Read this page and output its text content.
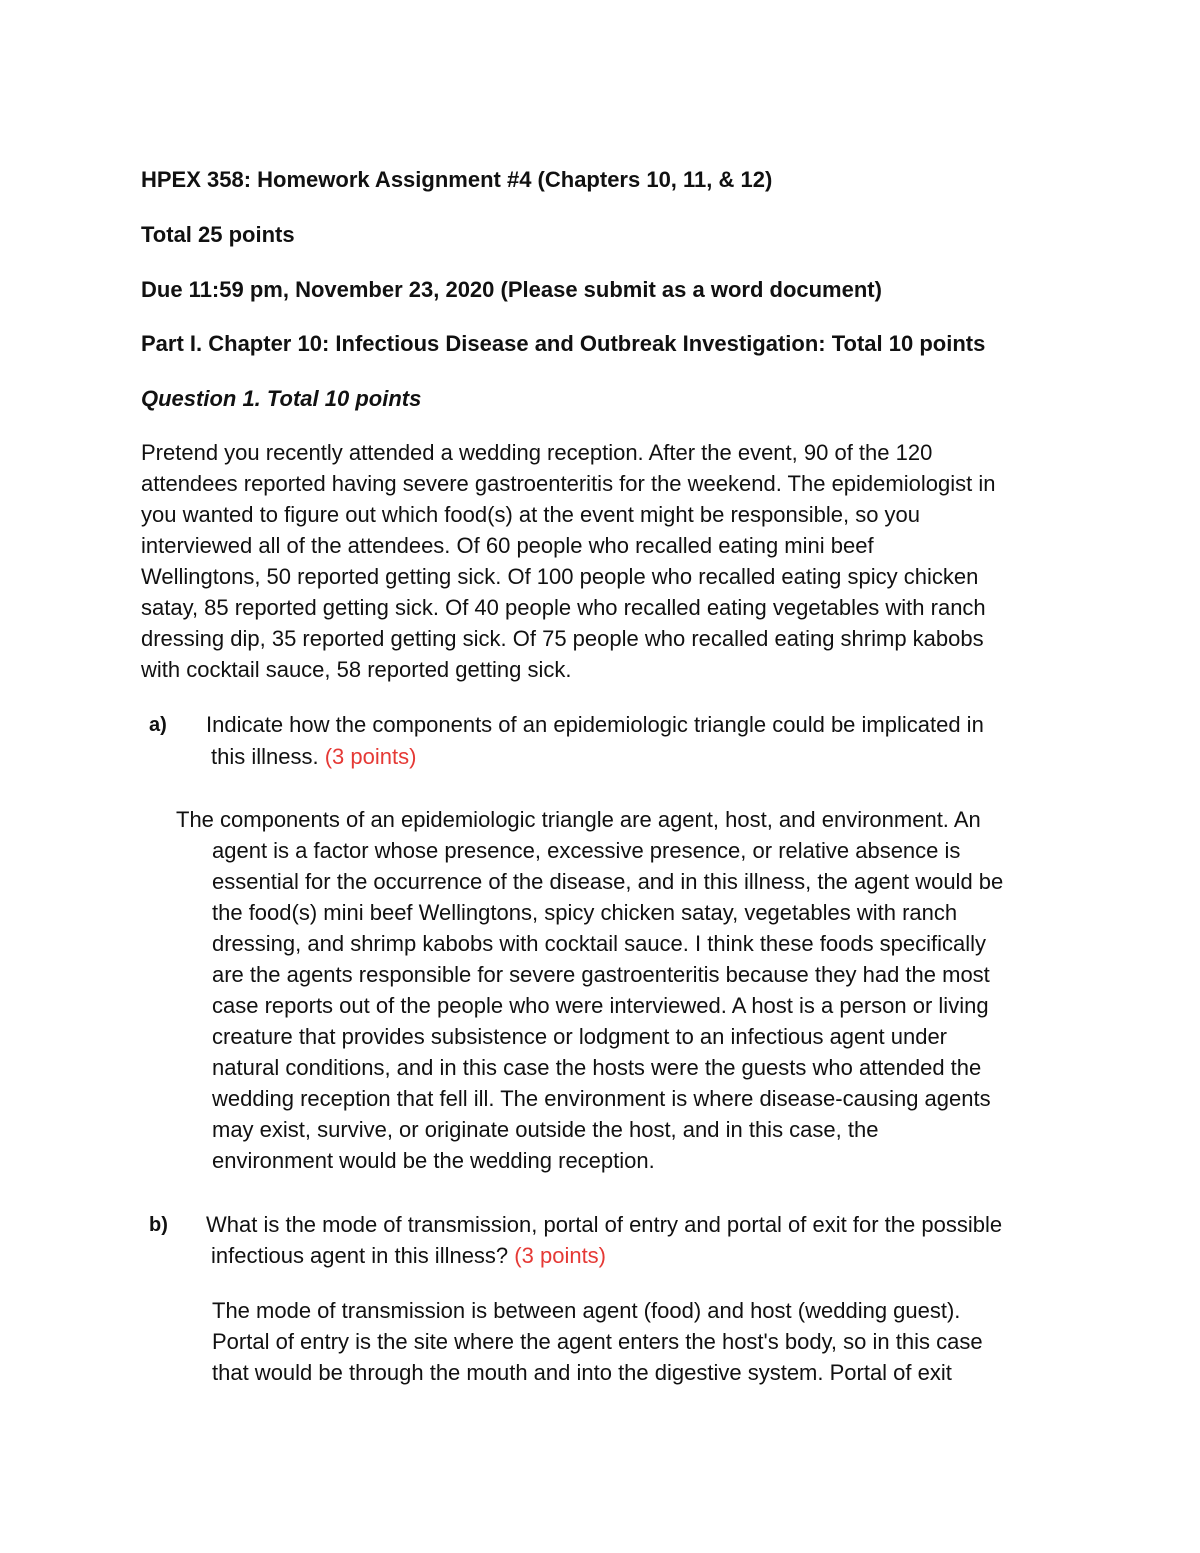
HPEX 358: Homework Assignment #4 (Chapters 10, 11, & 12)
Total 25 points
Due 11:59 pm, November 23, 2020 (Please submit as a word document)
Part I. Chapter 10: Infectious Disease and Outbreak Investigation: Total 10 points
Question 1. Total 10 points
Pretend you recently attended a wedding reception. After the event, 90 of the 120
attendees reported having severe gastroenteritis for the weekend. The epidemiologist in
you wanted to figure out which food(s) at the event might be responsible, so you
interviewed all of the attendees. Of 60 people who recalled eating mini beef
Wellingtons, 50 reported getting sick. Of 100 people who recalled eating spicy chicken
satay, 85 reported getting sick. Of 40 people who recalled eating vegetables with ranch
dressing dip, 35 reported getting sick. Of 75 people who recalled eating shrimp kabobs
with cocktail sauce, 58 reported getting sick.
a) Indicate how the components of an epidemiologic triangle could be implicated in
this illness. (3 points)
The components of an epidemiologic triangle are agent, host, and environment. An
agent is a factor whose presence, excessive presence, or relative absence is
essential for the occurrence of the disease, and in this illness, the agent would be
the food(s) mini beef Wellingtons, spicy chicken satay, vegetables with ranch
dressing, and shrimp kabobs with cocktail sauce. I think these foods specifically
are the agents responsible for severe gastroenteritis because they had the most
case reports out of the people who were interviewed. A host is a person or living
creature that provides subsistence or lodgment to an infectious agent under
natural conditions, and in this case the hosts were the guests who attended the
wedding reception that fell ill. The environment is where disease-causing agents
may exist, survive, or originate outside the host, and in this case, the
environment would be the wedding reception.
b) What is the mode of transmission, portal of entry and portal of exit for the possible
infectious agent in this illness? (3 points)
The mode of transmission is between agent (food) and host (wedding guest).
Portal of entry is the site where the agent enters the host's body, so in this case
that would be through the mouth and into the digestive system. Portal of exit
